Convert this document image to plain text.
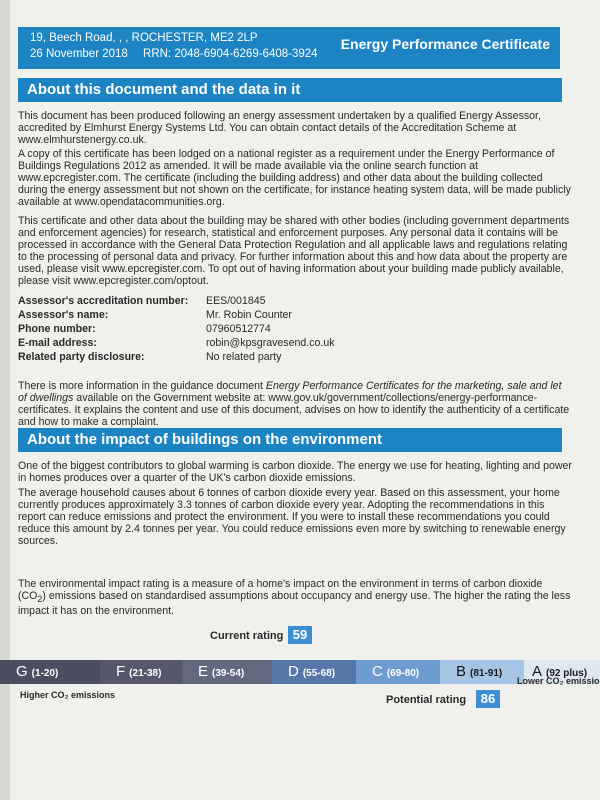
19, Beech Road, , , ROCHESTER, ME2 2LP
26 November 2018 RRN: 2048-6904-6269-6408-3924
Energy Performance Certificate
About this document and the data in it

This document has been produced following an energy assessment undertaken by a qualified Energy Assessor, accredited by Elmhurst Energy Systems Ltd. You can obtain contact details of the Accreditation Scheme at www.elmhurstenergy.co.uk.

A copy of this certificate has been lodged on a national register as a requirement under the Energy Performance of Buildings Regulations 2012 as amended. It will be made available via the online search function at www.epcregister.com. The certificate (including the building address) and other data about the building collected during the energy assessment but not shown on the certificate, for instance heating system data, will be made publicly available at www.opendatacommunities.org.

This certificate and other data about the building may be shared with other bodies (including government departments and enforcement agencies) for research, statistical and enforcement purposes. Any personal data it contains will be processed in accordance with the General Data Protection Regulation and all applicable laws and regulations relating to the processing of personal data and privacy. For further information about this and how data about the property are used, please visit www.epcregister.com. To opt out of having information about your building made publicly available, please visit www.epcregister.com/optout.

Assessor's accreditation number:	EES/001845
Assessor's name:	Mr. Robin Counter
Phone number:	07960512774
E-mail address:	robin@kpsgravesend.co.uk
Related party disclosure:	No related party

There is more information in the guidance document Energy Performance Certificates for the marketing, sale and let of dwellings available on the Government website at: www.gov.uk/government/collections/energy-performance-certificates. It explains the content and use of this document, advises on how to identify the authenticity of a certificate and how to make a complaint.

About the impact of buildings on the environment

One of the biggest contributors to global warming is carbon dioxide. The energy we use for heating, lighting and power in homes produces over a quarter of the UK's carbon dioxide emissions.

The average household causes about 6 tonnes of carbon dioxide every year. Based on this assessment, your home currently produces approximately 3.3 tonnes of carbon dioxide every year. Adopting the recommendations in this report can reduce emissions and protect the environment. If you were to install these recommendations you could reduce this amount by 2.4 tonnes per year. You could reduce emissions even more by switching to renewable energy sources.

The environmental impact rating is a measure of a home's impact on the environment in terms of carbon dioxide $(CO_2)$ emissions based on standardised assumptions about occupancy and energy use. The higher the rating the less impact it has on the environment.

Current rating 59
G (1-20)	F (21-38)	E (39-54)	D (55-68)	C (69-80)	B (81-91)	A (92 plus)
Higher CO₂ emissions
Lower CO₂ emissio
Potential rating	86
